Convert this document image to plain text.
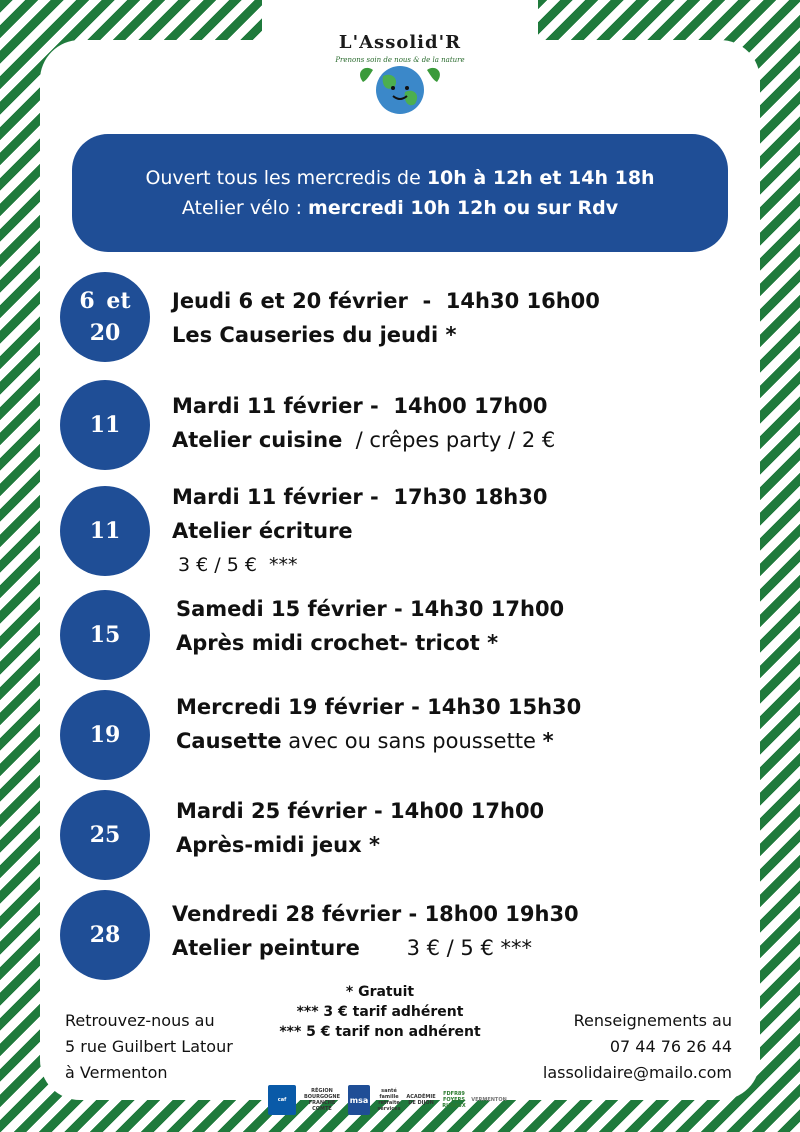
L'Assolid'R
Prenons soin de nous & de la nature
Ouvert tous les mercredis de 10h à 12h et 14h 18h
Atelier vélo : mercredi 10h 12h ou sur Rdv
6 et 20
Jeudi 6 et 20 février  -  14h30 16h00
Les Causeries du jeudi *
11
Mardi 11 février -  14h00 17h00
Atelier cuisine  / crêpes party / 2 €
11
Mardi 11 février -  17h30 18h30
Atelier écriture
3 € / 5 €  ***
15
Samedi 15 février - 14h30 17h00
Après midi crochet- tricot *
19
Mercredi 19 février - 14h30 15h30
Causette avec ou sans poussette *
25
Mardi 25 février - 14h00 17h00
Après-midi jeux *
28
Vendredi 28 février - 18h00 19h30
Atelier peinture       3 € / 5 € ***
* Gratuit
*** 3 € tarif adhérent
*** 5 € tarif non adhérent
Retrouvez-nous au
5 rue Guilbert Latour
à Vermenton
Renseignements au
07 44 76 26 44
lassolidaire@mailo.com
caf
RÉGION BOURGOGNE FRANCHE COMTÉ
msa
santé famille retraite services
ACADÉMIE DE DIJON
FDFR89 FOYERS RURAUX
VERMENTON
